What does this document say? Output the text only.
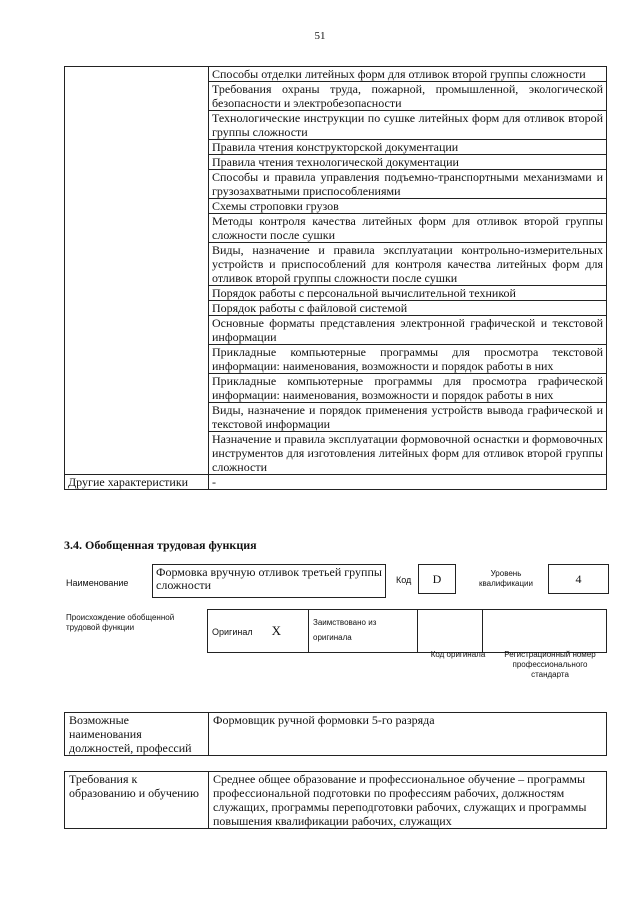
51
	Способы отделки литейных форм для отливок второй группы сложности
	Требования охраны труда, пожарной, промышленной, экологической безопасности и электробезопасности
	Технологические инструкции по сушке литейных форм для отливок второй группы сложности
	Правила чтения конструкторской документации
	Правила чтения технологической документации
	Способы и правила управления подъемно-транспортными механизмами и грузозахватными приспособлениями
	Схемы строповки грузов
	Методы контроля качества литейных форм для отливок второй группы сложности после сушки
	Виды, назначение и правила эксплуатации контрольно-измерительных устройств и приспособлений для контроля качества литейных форм для отливок второй группы сложности после сушки
	Порядок работы с персональной вычислительной техникой
	Порядок работы с файловой системой
	Основные форматы представления электронной графической и текстовой информации
	Прикладные компьютерные программы для просмотра текстовой информации: наименования, возможности и порядок работы в них
	Прикладные компьютерные программы для просмотра графической информации: наименования, возможности и порядок работы в них
	Виды, назначение и порядок применения устройств вывода графической и текстовой информации
	Назначение и правила эксплуатации формовочной оснастки и формовочных инструментов для изготовления литейных форм для отливок второй группы сложности
Другие характеристики	-
3.4. Обобщенная трудовая функция
Наименование
Формовка вручную отливок третьей группы сложности	Код D	Уровень квалификации	4
Происхождение обобщенной трудовой функции	Оригинал X	Заимствовано из оригинала		
Код оригинала	Регистрационный номер профессионального стандарта
Возможные наименования должностей, профессий	Формовщик ручной формовки 5-го разряда
Требования к образованию и обучению	Среднее общее образование и профессиональное обучение – программы профессиональной подготовки по профессиям рабочих, должностям служащих, программы переподготовки рабочих, служащих и программы повышения квалификации рабочих, служащих
